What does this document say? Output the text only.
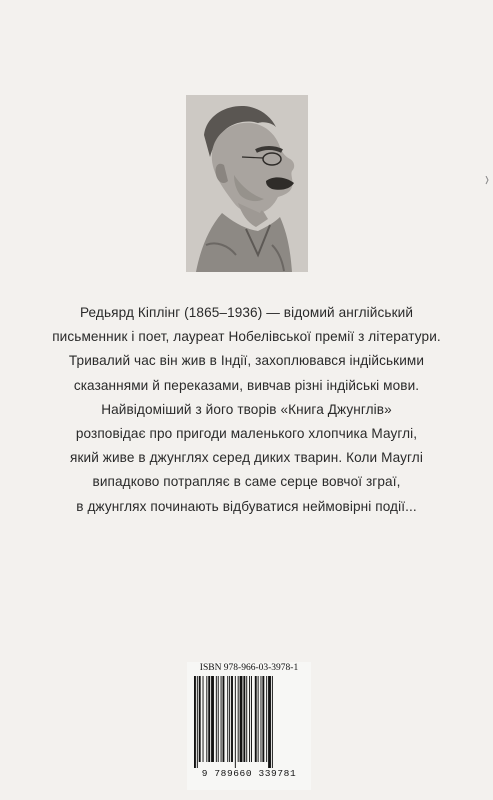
Редьярд Кіплінг (1865–1936) — відомий англійський
письменник і поет, лауреат Нобелівської премії з літератури.
Тривалий час він жив в Індії, захоплювався індійськими
сказаннями й переказами, вивчав різні індійські мови.
Найвідоміший з його творів «Книга Джунглів»
розповідає про пригоди маленького хлопчика Мауглі,
який живе в джунглях серед диких тварин. Коли Мауглі
випадково потрапляє в саме серце вовчої зграї,
в джунглях починають відбуватися неймовірні події...

ISBN 978-966-03-3978-1
9 789660 339781
